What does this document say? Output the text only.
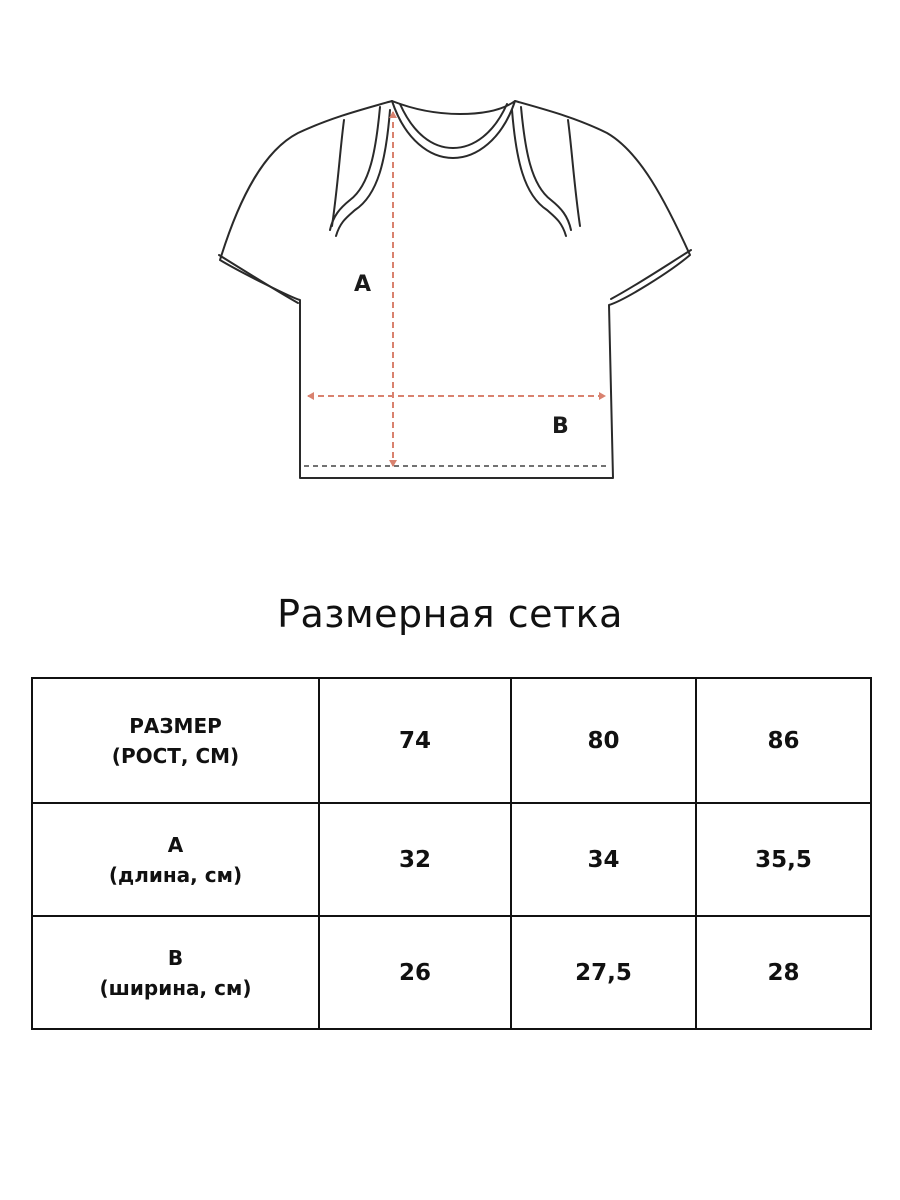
A
B
Размерная сетка
РАЗМЕР
(РОСТ, СМ)	74	80	86

A
(длина, см)	32	34	35,5

B
(ширина, см)	26	27,5	28
